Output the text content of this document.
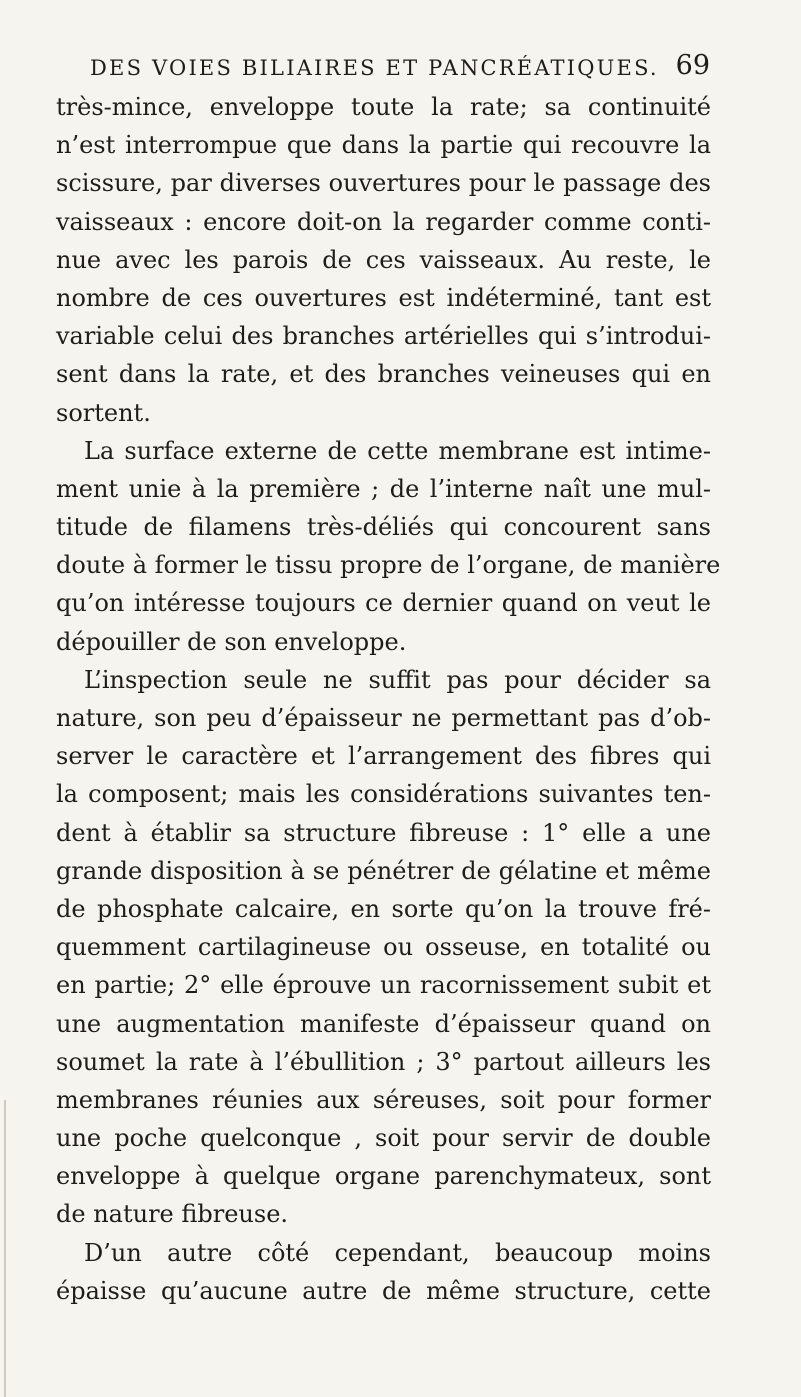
DES VOIES BILIAIRES ET PANCRÉATIQUES. 69
très-mince, enveloppe toute la rate; sa continuité
n’est interrompue que dans la partie qui recouvre la
scissure, par diverses ouvertures pour le passage des
vaisseaux : encore doit-on la regarder comme conti-
nue avec les parois de ces vaisseaux. Au reste, le
nombre de ces ouvertures est indéterminé, tant est
variable celui des branches artérielles qui s’introdui-
sent dans la rate, et des branches veineuses qui en
sortent.
La surface externe de cette membrane est intime-
ment unie à la première ; de l’interne naît une mul-
titude de filamens très-déliés qui concourent sans
doute à former le tissu propre de l’organe, de manière
qu’on intéresse toujours ce dernier quand on veut le
dépouiller de son enveloppe.
L’inspection seule ne suffit pas pour décider sa
nature, son peu d’épaisseur ne permettant pas d’ob-
server le caractère et l’arrangement des fibres qui
la composent; mais les considérations suivantes ten-
dent à établir sa structure fibreuse : 1° elle a une
grande disposition à se pénétrer de gélatine et même
de phosphate calcaire, en sorte qu’on la trouve fré-
quemment cartilagineuse ou osseuse, en totalité ou
en partie; 2° elle éprouve un racornissement subit et
une augmentation manifeste d’épaisseur quand on
soumet la rate à l’ébullition ; 3° partout ailleurs les
membranes réunies aux séreuses, soit pour former
une poche quelconque , soit pour servir de double
enveloppe à quelque organe parenchymateux, sont
de nature fibreuse.
D’un autre côté cependant, beaucoup moins
épaisse qu’aucune autre de même structure, cette
